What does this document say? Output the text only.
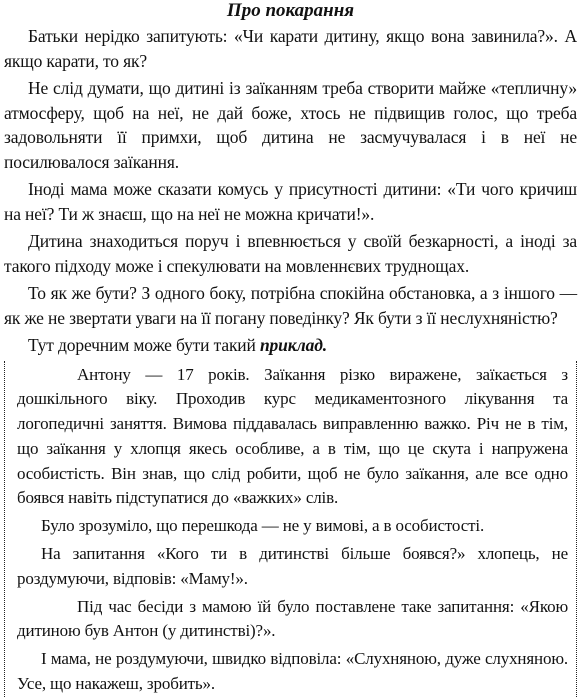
Про покарання

Батьки нерідко запитують: «Чи карати дитину, якщо вона завинила?». А якщо карати, то як?

Не слід думати, що дитині із заїканням треба створити майже «тепличну» атмосферу, щоб на неї, не дай боже, хтось не підвищив голос, що треба задовольняти її примхи, щоб дитина не засмучувалася і в неї не посилювалося заїкання.

Іноді мама може сказати комусь у присутності дитини: «Ти чого кричиш на неї? Ти ж знаєш, що на неї не можна кричати!».

Дитина знаходиться поруч і впевнюється у своїй безкарності, а іноді за такого підходу може і спекулювати на мовленнєвих труднощах.

То як же бути? З одного боку, потрібна спокійна обстановка, а з іншого — як же не звертати уваги на її погану поведінку? Як бути з її неслухняністю?

Тут доречним може бути такий приклад.

Антону — 17 років. Заїкання різко виражене, заїкається з дошкільного віку. Проходив курс медикаментозного лікування та логопедичні заняття. Вимова піддавалась виправленню важко. Річ не в тім, що заїкання у хлопця якесь особливе, а в тім, що це скута і напружена особистість. Він знав, що слід робити, щоб не було заїкання, але все одно боявся навіть підступатися до «важких» слів.

Було зрозуміло, що перешкода — не у вимові, а в особистості.

На запитання «Кого ти в дитинстві більше боявся?» хлопець, не роздумуючи, відповів: «Маму!».

Під час бесіди з мамою їй було поставлене таке запитання: «Якою дитиною був Антон (у дитинстві)?».

І мама, не роздумуючи, швидко відповіла: «Слухняною, дуже слухняною. Усе, що накажеш, зробить».
